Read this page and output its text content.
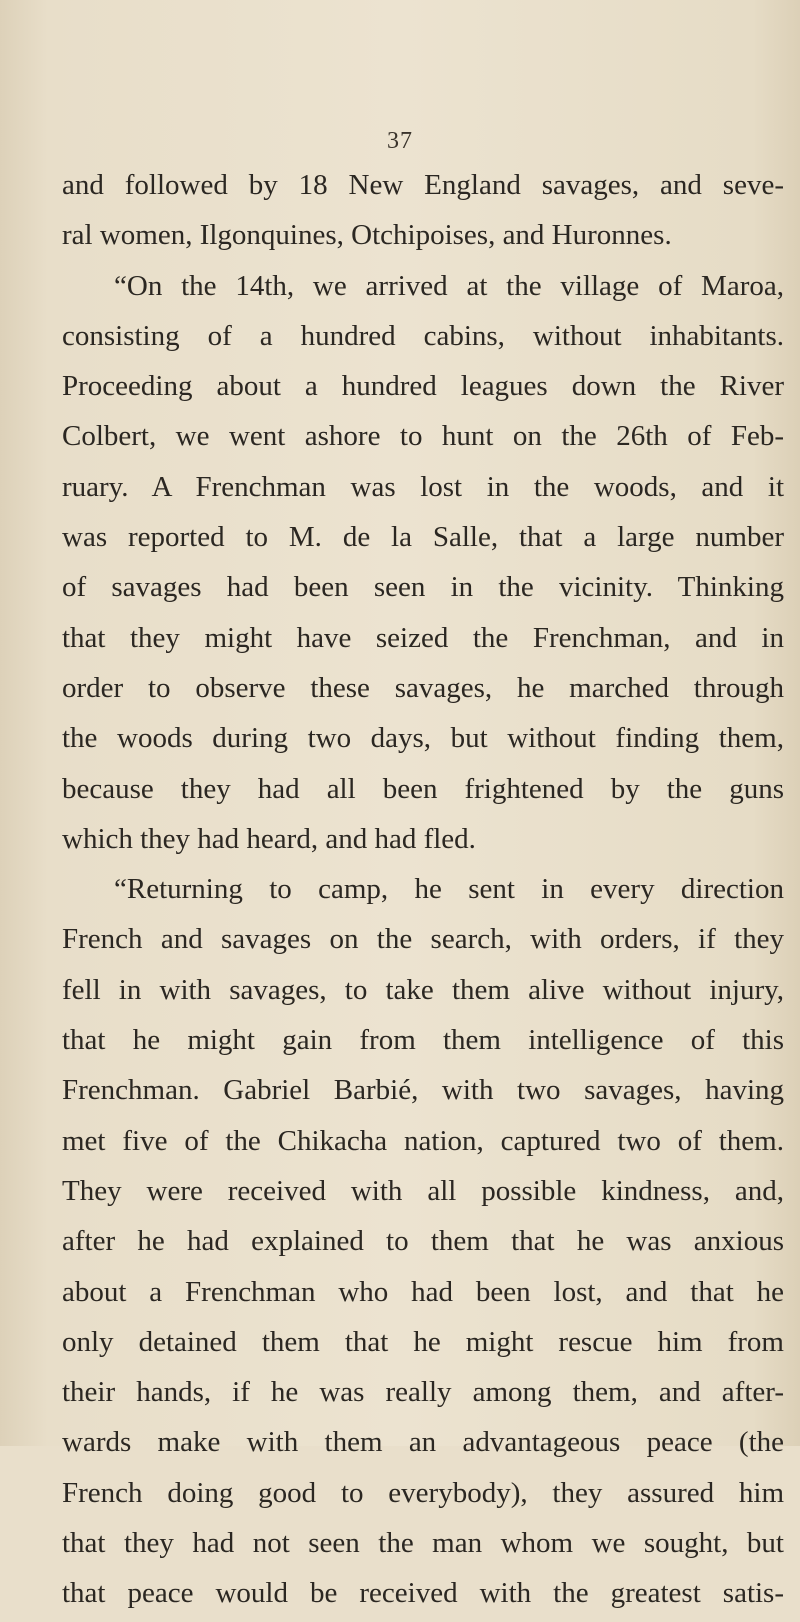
37
and followed by 18 New England savages, and seve-
ral women, Ilgonquines, Otchipoises, and Huronnes.
“On the 14th, we arrived at the village of Maroa,
consisting of a hundred cabins, without inhabitants.
Proceeding about a hundred leagues down the River
Colbert, we went ashore to hunt on the 26th of Feb-
ruary. A Frenchman was lost in the woods, and it
was reported to M. de la Salle, that a large number
of savages had been seen in the vicinity. Thinking
that they might have seized the Frenchman, and in
order to observe these savages, he marched through
the woods during two days, but without finding them,
because they had all been frightened by the guns
which they had heard, and had fled.
“Returning to camp, he sent in every direction
French and savages on the search, with orders, if they
fell in with savages, to take them alive without injury,
that he might gain from them intelligence of this
Frenchman. Gabriel Barbié, with two savages, having
met five of the Chikacha nation, captured two of them.
They were received with all possible kindness, and,
after he had explained to them that he was anxious
about a Frenchman who had been lost, and that he
only detained them that he might rescue him from
their hands, if he was really among them, and after-
wards make with them an advantageous peace (the
French doing good to everybody), they assured him
that they had not seen the man whom we sought, but
that peace would be received with the greatest satis-
